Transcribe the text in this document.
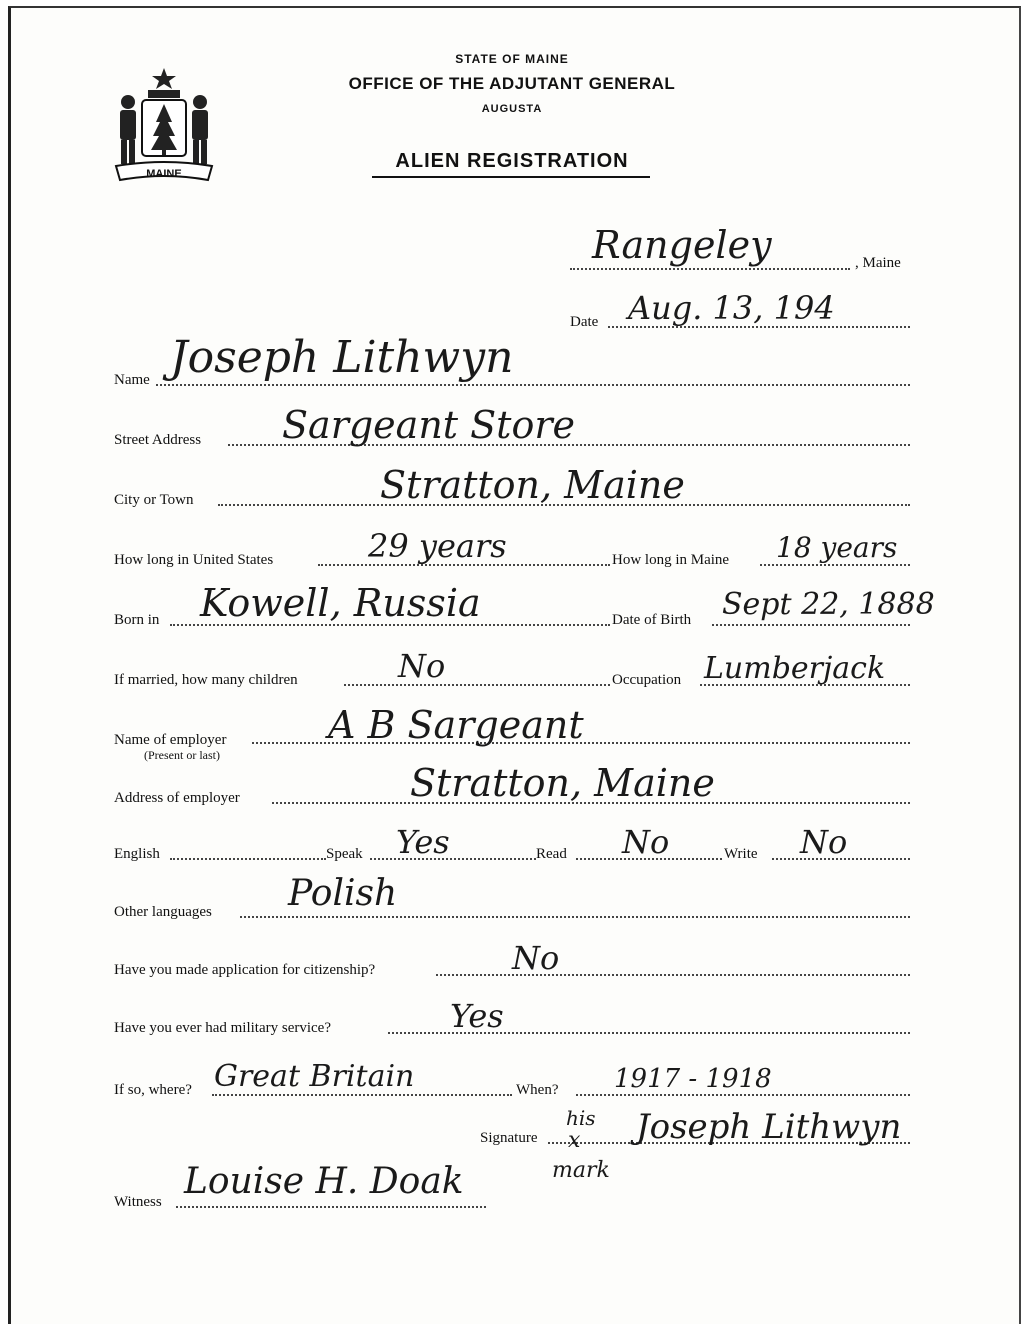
STATE OF MAINE
OFFICE OF THE ADJUTANT GENERAL
AUGUSTA
ALIEN REGISTRATION
MAINE
Rangeley	, Maine
Date Aug. 13, 194
Name Joseph Lithwyn
Street Address Sargeant Store
City or Town	Stratton, Maine
How long in United States	29 years	How long in Maine 18 years
Born in Kowell, Russia	Date of Birth Sept 22, 1888
If married, how many children	No	Occupation Lumberjack
Name of employer
(Present or last)
A B Sargeant
Address of employer	Stratton, Maine
English	Speak Yes	Read No	Write No
Other languages Polish
Have you made application for citizenship?	No
Have you ever had military service?	Yes
If so, where? Great Britain	When? 1917 - 1918
Signature
his
x
mark
Joseph Lithwyn
Witness Louise H. Doak
